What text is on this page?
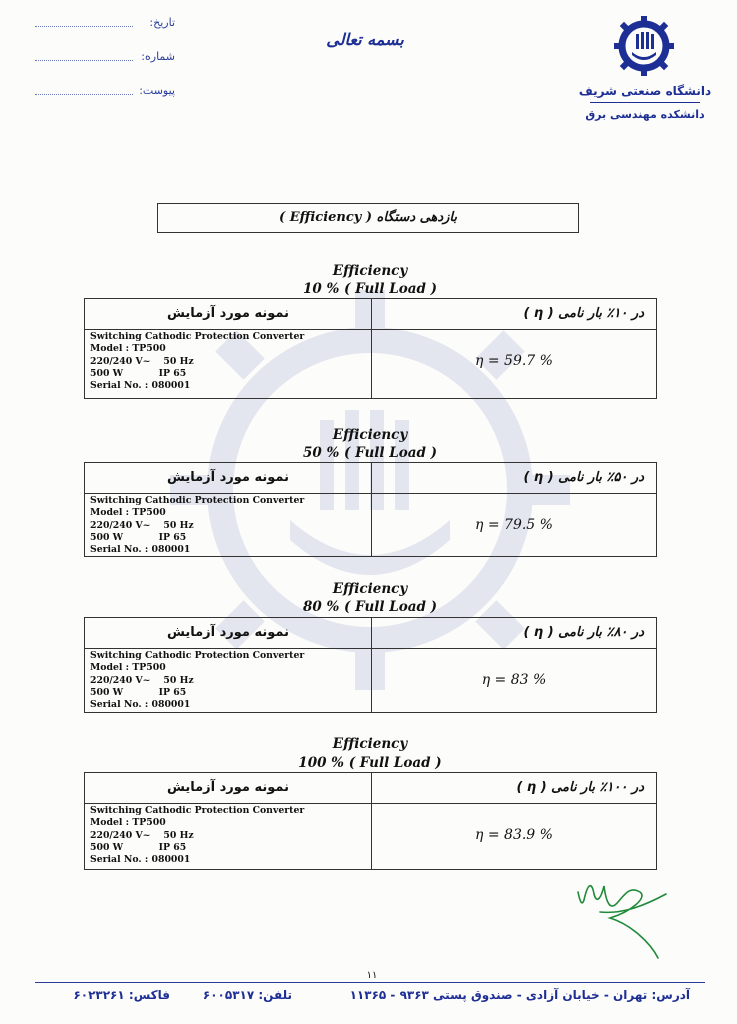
تاریخ:
شماره:
پیوست:
بسمه تعالی
دانشگاه صنعتی شریف
دانشکده مهندسی برق
بازدهی دستگاه ( Efficiency )
Efficiency
10 % ( Full Load )
نمونه مورد آزمایش	در ۱۰٪ بار نامی ( η )
Switching Cathodic Protection Converter
Model : TP500
220/240 V~    50 Hz
500 W           IP 65
Serial No. : 080001
η = 59.7 %
Efficiency
50 % ( Full Load )
نمونه مورد آزمایش	در ۵۰٪ بار نامی ( η )
Switching Cathodic Protection Converter
Model : TP500
220/240 V~    50 Hz
500 W           IP 65
Serial No. : 080001
η = 79.5 %
Efficiency
80 % ( Full Load )
نمونه مورد آزمایش	در ۸۰٪ بار نامی ( η )
Switching Cathodic Protection Converter
Model : TP500
220/240 V~    50 Hz
500 W           IP 65
Serial No. : 080001
η = 83 %
Efficiency
100 % ( Full Load )
نمونه مورد آزمایش	در ۱۰۰٪ بار نامی ( η )
Switching Cathodic Protection Converter
Model : TP500
220/240 V~    50 Hz
500 W           IP 65
Serial No. : 080001
η = 83.9 %
۱۱
آدرس: تهران - خیابان آزادی - صندوق پستی ۹۳۶۳ - ۱۱۳۶۵
تلفن: ۶۰۰۵۳۱۷
فاکس: ۶۰۲۳۲۶۱
